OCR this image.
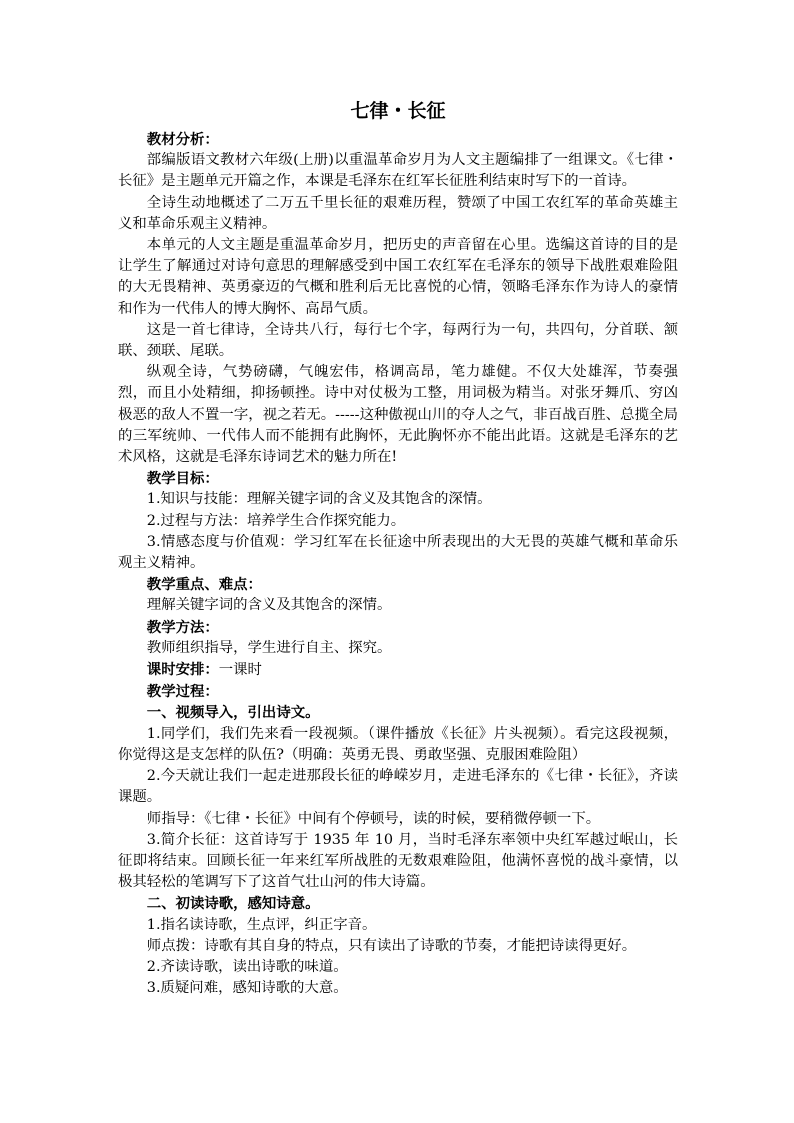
七律・长征

教材分析：

部编版语文教材六年级(上册)以重温革命岁月为人文主题编排了一组课文。《七律・长征》是主题单元开篇之作，本课是毛泽东在红军长征胜利结束时写下的一首诗。

全诗生动地概述了二万五千里长征的艰难历程，赞颂了中国工农红军的革命英雄主义和革命乐观主义精神。

本单元的人文主题是重温革命岁月，把历史的声音留在心里。选编这首诗的目的是让学生了解通过对诗句意思的理解感受到中国工农红军在毛泽东的领导下战胜艰难险阻的大无畏精神、英勇豪迈的气概和胜利后无比喜悦的心情，领略毛泽东作为诗人的豪情和作为一代伟人的博大胸怀、高昂气质。

这是一首七律诗，全诗共八行，每行七个字，每两行为一句，共四句，分首联、颔联、颈联、尾联。

纵观全诗，气势磅礴，气魄宏伟，格调高昂，笔力雄健。不仅大处雄浑，节奏强烈，而且小处精细，抑扬顿挫。诗中对仗极为工整，用词极为精当。对张牙舞爪、穷凶极恶的敌人不置一字，视之若无。-----这种傲视山川的夺人之气，非百战百胜、总揽全局的三军统帅、一代伟人而不能拥有此胸怀，无此胸怀亦不能出此语。这就是毛泽东的艺术风格，这就是毛泽东诗词艺术的魅力所在!

教学目标：

1.知识与技能：理解关键字词的含义及其饱含的深情。

2.过程与方法：培养学生合作探究能力。

3.情感态度与价值观：学习红军在长征途中所表现出的大无畏的英雄气概和革命乐观主义精神。

教学重点、难点：

理解关键字词的含义及其饱含的深情。

教学方法：

教师组织指导，学生进行自主、探究。

课时安排：一课时

教学过程：

一、视频导入，引出诗文。

1.同学们，我们先来看一段视频。（课件播放《长征》片头视频）。看完这段视频，你觉得这是支怎样的队伍?（明确：英勇无畏、勇敢坚强、克服困难险阻）

2.今天就让我们一起走进那段长征的峥嵘岁月，走进毛泽东的《七律・长征》，齐读课题。

师指导：《七律・长征》中间有个停顿号，读的时候，要稍微停顿一下。

3.简介长征：这首诗写于 1935 年 10 月，当时毛泽东率领中央红军越过岷山，长征即将结束。回顾长征一年来红军所战胜的无数艰难险阻，他满怀喜悦的战斗豪情，以极其轻松的笔调写下了这首气壮山河的伟大诗篇。

二、初读诗歌，感知诗意。

1.指名读诗歌，生点评，纠正字音。

师点拨：诗歌有其自身的特点，只有读出了诗歌的节奏，才能把诗读得更好。

2.齐读诗歌，读出诗歌的味道。

3.质疑问难，感知诗歌的大意。
